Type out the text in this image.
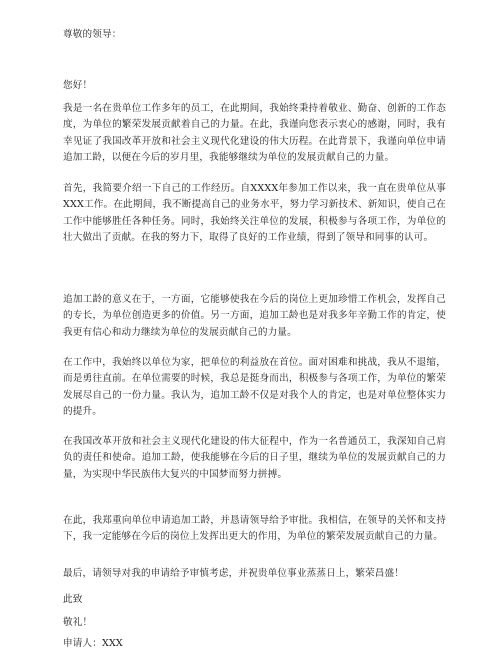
尊敬的领导：

您好！

我是一名在贵单位工作多年的员工，在此期间，我始终秉持着敬业、勤奋、创新的工作态度，为单位的繁荣发展贡献着自己的力量。在此，我谨向您表示衷心的感谢，同时，我有幸见证了我国改革开放和社会主义现代化建设的伟大历程。在此背景下，我谨向单位申请追加工龄，以便在今后的岁月里，我能够继续为单位的发展贡献自己的力量。

首先，我简要介绍一下自己的工作经历。自XXXX年参加工作以来，我一直在贵单位从事XXX工作。在此期间，我不断提高自己的业务水平，努力学习新技术、新知识，使自己在工作中能够胜任各种任务。同时，我始终关注单位的发展，积极参与各项工作，为单位的壮大做出了贡献。在我的努力下，取得了良好的工作业绩，得到了领导和同事的认可。

追加工龄的意义在于，一方面，它能够使我在今后的岗位上更加珍惜工作机会，发挥自己的专长，为单位创造更多的价值。另一方面，追加工龄也是对我多年辛勤工作的肯定，使我更有信心和动力继续为单位的发展贡献自己的力量。

在工作中，我始终以单位为家，把单位的利益放在首位。面对困难和挑战，我从不退缩，而是勇往直前。在单位需要的时候，我总是挺身而出，积极参与各项工作，为单位的繁荣发展尽自己的一份力量。我认为，追加工龄不仅是对我个人的肯定，也是对单位整体实力的提升。

在我国改革开放和社会主义现代化建设的伟大征程中，作为一名普通员工，我深知自己肩负的责任和使命。追加工龄，使我能够在今后的日子里，继续为单位的发展贡献自己的力量，为实现中华民族伟大复兴的中国梦而努力拼搏。

在此，我郑重向单位申请追加工龄，并恳请领导给予审批。我相信，在领导的关怀和支持下，我一定能够在今后的岗位上发挥出更大的作用，为单位的繁荣发展贡献自己的力量。

最后，请领导对我的申请给予审慎考虑，并祝贵单位事业蒸蒸日上，繁荣昌盛！

此致

敬礼！

申请人：XXX
